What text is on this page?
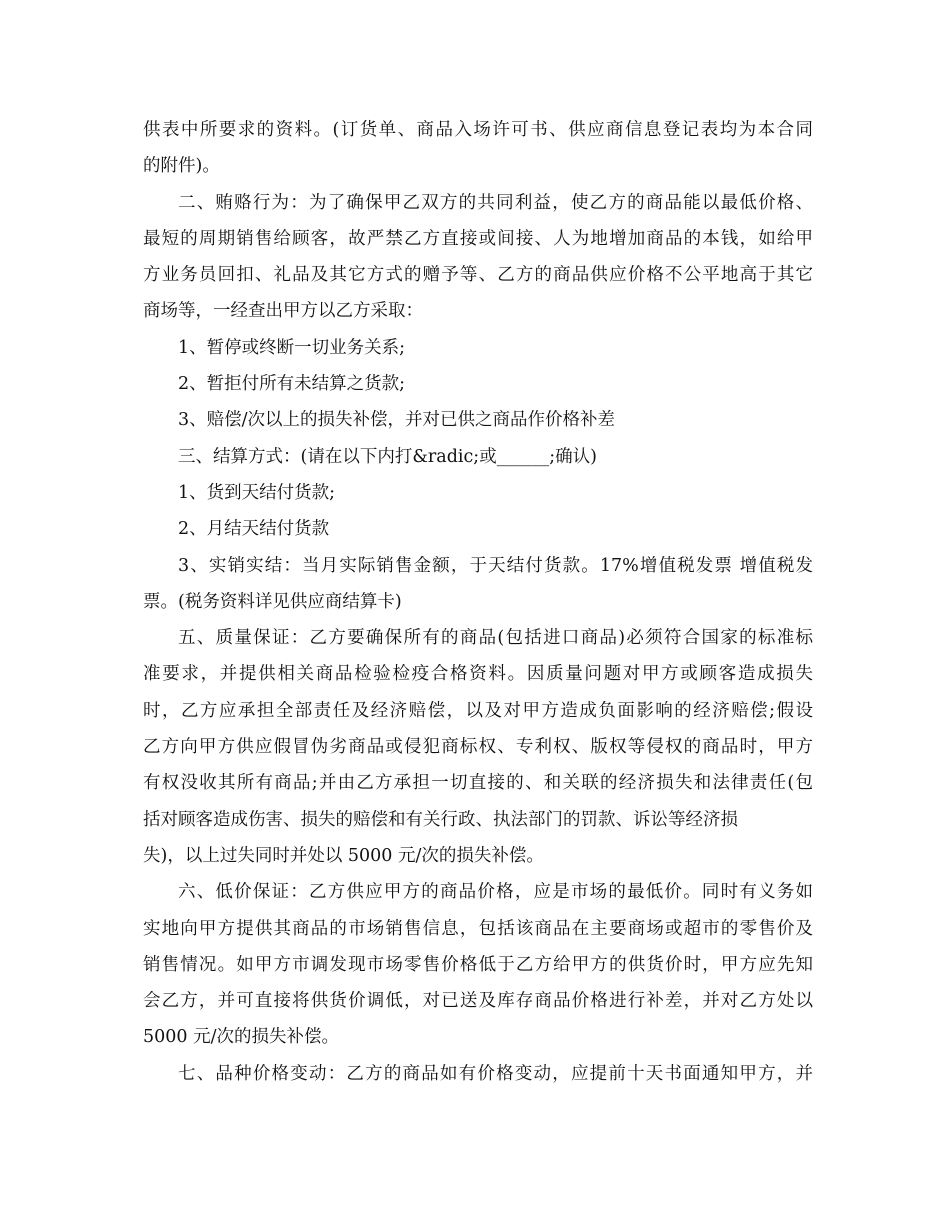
供表中所要求的资料。(订货单、商品入场许可书、供应商信息登记表均为本合同
的附件)。
二、贿赂行为：为了确保甲乙双方的共同利益，使乙方的商品能以最低价格、
最短的周期销售给顾客，故严禁乙方直接或间接、人为地增加商品的本钱，如给甲
方业务员回扣、礼品及其它方式的赠予等、乙方的商品供应价格不公平地高于其它
商场等，一经查出甲方以乙方采取：
1、暂停或终断一切业务关系;
2、暂拒付所有未结算之货款;
3、赔偿/次以上的损失补偿，并对已供之商品作价格补差
三、结算方式：(请在以下内打&radic;或______;确认)
1、货到天结付货款;
2、月结天结付货款
3、实销实结：当月实际销售金额，于天结付货款。17%增值税发票 增值税发
票。(税务资料详见供应商结算卡)
五、质量保证：乙方要确保所有的商品(包括进口商品)必须符合国家的标准标
准要求，并提供相关商品检验检疫合格资料。因质量问题对甲方或顾客造成损失
时，乙方应承担全部责任及经济赔偿，以及对甲方造成负面影响的经济赔偿;假设
乙方向甲方供应假冒伪劣商品或侵犯商标权、专利权、版权等侵权的商品时，甲方
有权没收其所有商品;并由乙方承担一切直接的、和关联的经济损失和法律责任(包
括对顾客造成伤害、损失的赔偿和有关行政、执法部门的罚款、诉讼等经济损
失)，以上过失同时并处以 5000 元/次的损失补偿。
六、低价保证：乙方供应甲方的商品价格，应是市场的最低价。同时有义务如
实地向甲方提供其商品的市场销售信息，包括该商品在主要商场或超市的零售价及
销售情况。如甲方市调发现市场零售价格低于乙方给甲方的供货价时，甲方应先知
会乙方，并可直接将供货价调低，对已送及库存商品价格进行补差，并对乙方处以
5000 元/次的损失补偿。
七、品种价格变动：乙方的商品如有价格变动，应提前十天书面通知甲方，并
